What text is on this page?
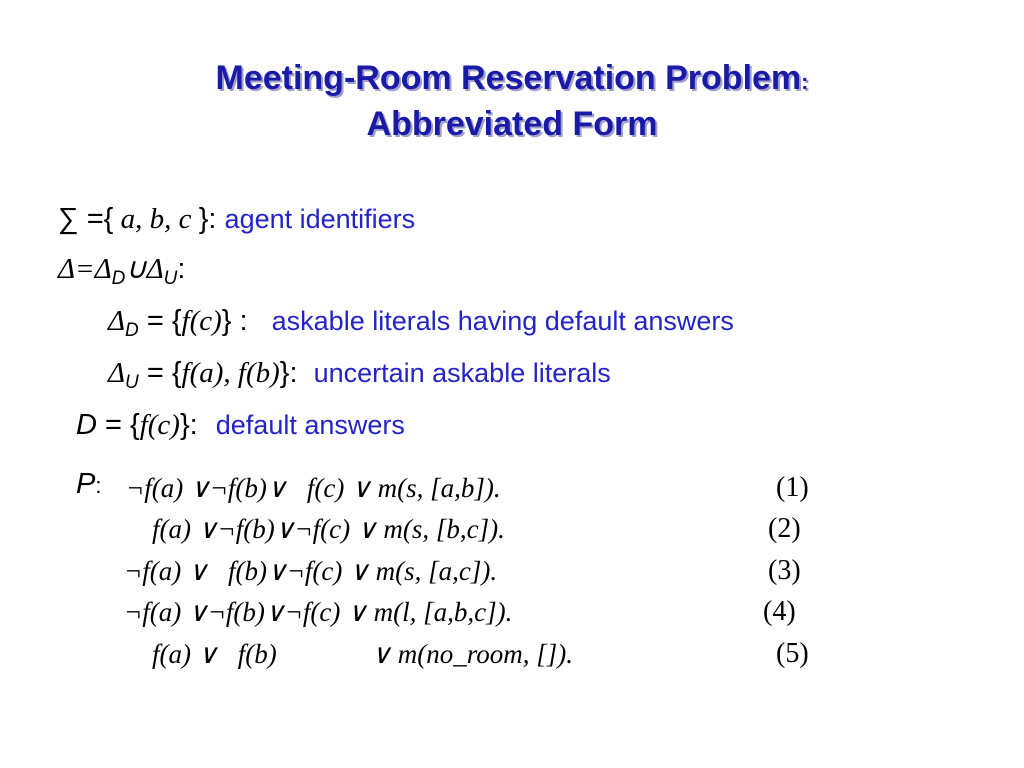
Meeting-Room Reservation Problem:
Abbreviated Form
∑ ={ a, b, c }: agent identifiers
$\Delta=\Delta_D\cup\Delta_U$:
$\Delta_D = \{f(c)\}$ : askable literals having default answers
$\Delta_U = \{f(a)$, f(b)}: uncertain askable literals
D = {f(c)}: default answers
P: ¬f(a) ∨¬f(b)∨   f(c) ∨ m(s, [a,b]).	(1)
f(a) ∨¬f(b)∨¬f(c) ∨ m(s, [b,c]).	(2)
¬f(a) ∨   f(b)∨¬f(c) ∨ m(s, [a,c]).	(3)
¬f(a) ∨¬f(b)∨¬f(c) ∨ m(l, [a,b,c]).	(4)
f(a) ∨   f(b)              ∨ m(no_room, []).	(5)
